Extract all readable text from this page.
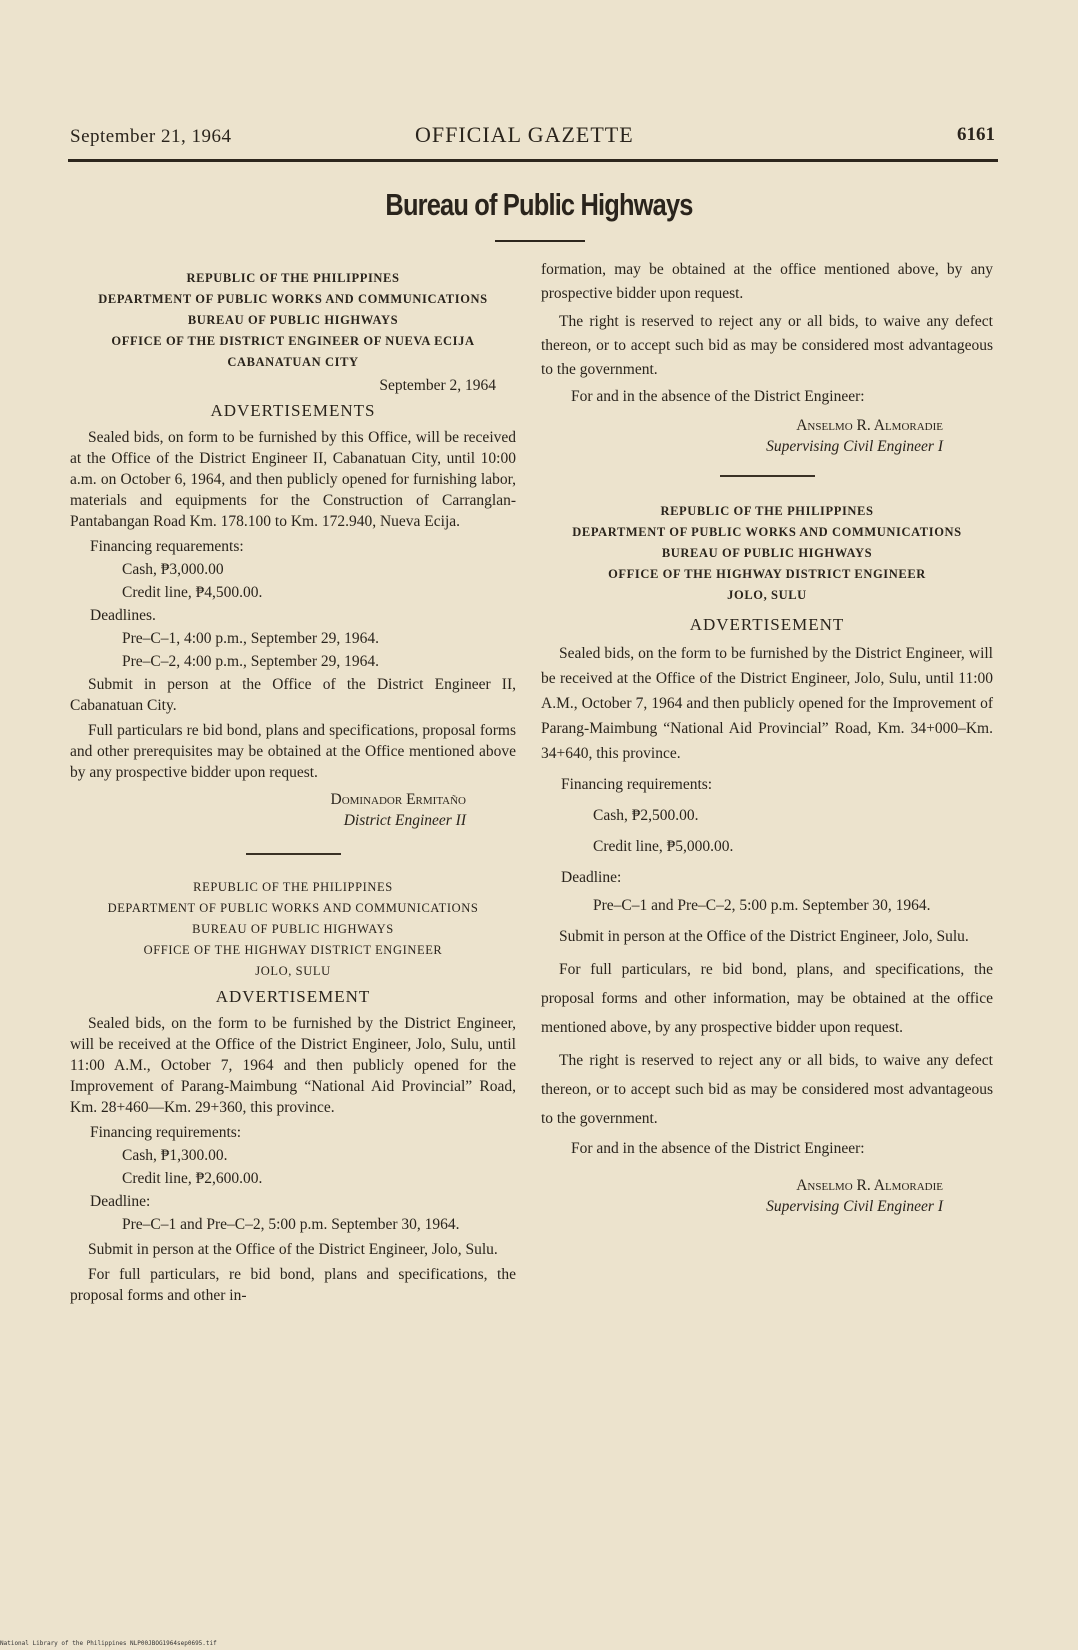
September 21, 1964	OFFICIAL GAZETTE	6161
Bureau of Public Highways
REPUBLIC OF THE PHILIPPINES
DEPARTMENT OF PUBLIC WORKS AND COMMUNICATIONS
BUREAU OF PUBLIC HIGHWAYS
OFFICE OF THE DISTRICT ENGINEER OF NUEVA ECIJA
CABANATUAN CITY
September 2, 1964
ADVERTISEMENTS

Sealed bids, on form to be furnished by this Office, will be received at the Office of the District Engineer II, Cabanatuan City, until 10:00 a.m. on October 6, 1964, and then publicly opened for furnishing labor, materials and equipments for the Construction of Carranglan-Pantabangan Road Km. 178.100 to Km. 172.940, Nueva Ecija.

Financing requarements:
Cash, ₱3,000.00
Credit line, ₱4,500.00.
Deadlines.
Pre–C–1, 4:00 p.m., September 29, 1964.
Pre–C–2, 4:00 p.m., September 29, 1964.

Submit in person at the Office of the District Engineer II, Cabanatuan City.

Full particulars re bid bond, plans and specifications, proposal forms and other prerequisites may be obtained at the Office mentioned above by any prospective bidder upon request.

Dominador Ermitaño
District Engineer II
REPUBLIC OF THE PHILIPPINES
DEPARTMENT OF PUBLIC WORKS AND COMMUNICATIONS
BUREAU OF PUBLIC HIGHWAYS
OFFICE OF THE HIGHWAY DISTRICT ENGINEER
JOLO, SULU
ADVERTISEMENT

Sealed bids, on the form to be furnished by the District Engineer, will be received at the Office of the District Engineer, Jolo, Sulu, until 11:00 A.M., October 7, 1964 and then publicly opened for the Improvement of Parang-Maimbung “National Aid Provincial” Road, Km. 28+460—Km. 29+360, this province.

Financing requirements:
Cash, ₱1,300.00.
Credit line, ₱2,600.00.
Deadline:

Pre–C–1 and Pre–C–2, 5:00 p.m. September 30, 1964.

Submit in person at the Office of the District Engineer, Jolo, Sulu.

For full particulars, re bid bond, plans and specifications, the proposal forms and other in-

formation, may be obtained at the office mentioned above, by any prospective bidder upon request.

The right is reserved to reject any or all bids, to waive any defect thereon, or to accept such bid as may be considered most advantageous to the government.

For and in the absence of the District Engineer:

Anselmo R. Almoradie
Supervising Civil Engineer I
REPUBLIC OF THE PHILIPPINES
DEPARTMENT OF PUBLIC WORKS AND COMMUNICATIONS
BUREAU OF PUBLIC HIGHWAYS
OFFICE OF THE HIGHWAY DISTRICT ENGINEER
JOLO, SULU
ADVERTISEMENT

Sealed bids, on the form to be furnished by the District Engineer, will be received at the Office of the District Engineer, Jolo, Sulu, until 11:00 A.M., October 7, 1964 and then publicly opened for the Improvement of Parang-Maimbung “National Aid Provincial” Road, Km. 34+000–Km. 34+640, this province.

Financing requirements:
Cash, ₱2,500.00.
Credit line, ₱5,000.00.
Deadline:

Pre–C–1 and Pre–C–2, 5:00 p.m. September 30, 1964.

Submit in person at the Office of the District Engineer, Jolo, Sulu.

For full particulars, re bid bond, plans, and specifications, the proposal forms and other information, may be obtained at the office mentioned above, by any prospective bidder upon request.

The right is reserved to reject any or all bids, to waive any defect thereon, or to accept such bid as may be considered most advantageous to the government.

For and in the absence of the District Engineer:

Anselmo R. Almoradie
Supervising Civil Engineer I
National Library of the Philippines NLP00JBOG1964sep0695.tif
